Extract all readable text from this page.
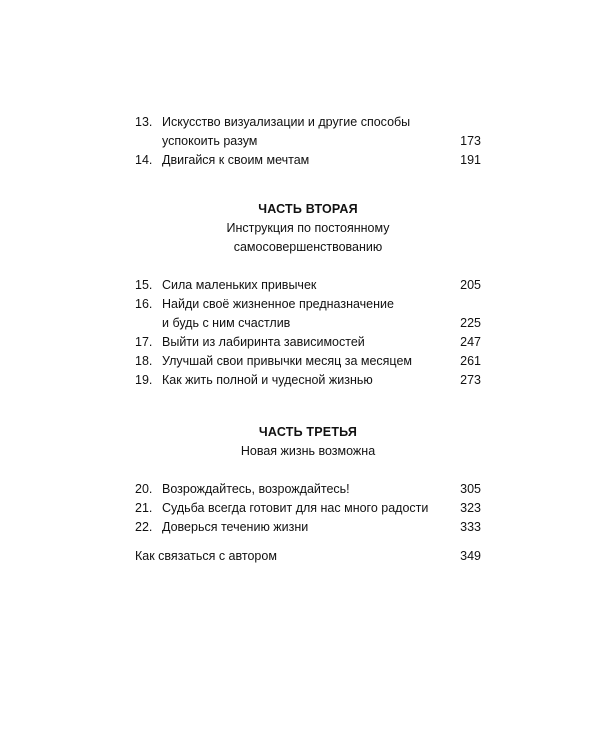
13. Искусство визуализации и другие способы
успокоить разум	173
14. Двигайся к своим мечтам	191
ЧАСТЬ ВТОРАЯ
Инструкция по постоянному
самосовершенствованию
15. Сила маленьких привычек	205
16. Найди своё жизненное предназначение
и будь с ним счастлив	225
17. Выйти из лабиринта зависимостей	247
18. Улучшай свои привычки месяц за месяцем	261
19. Как жить полной и чудесной жизнью	273
ЧАСТЬ ТРЕТЬЯ
Новая жизнь возможна
20. Возрождайтесь, возрождайтесь!	305
21. Судьба всегда готовит для нас много радости	323
22. Доверься течению жизни	333
Как связаться с автором	349
